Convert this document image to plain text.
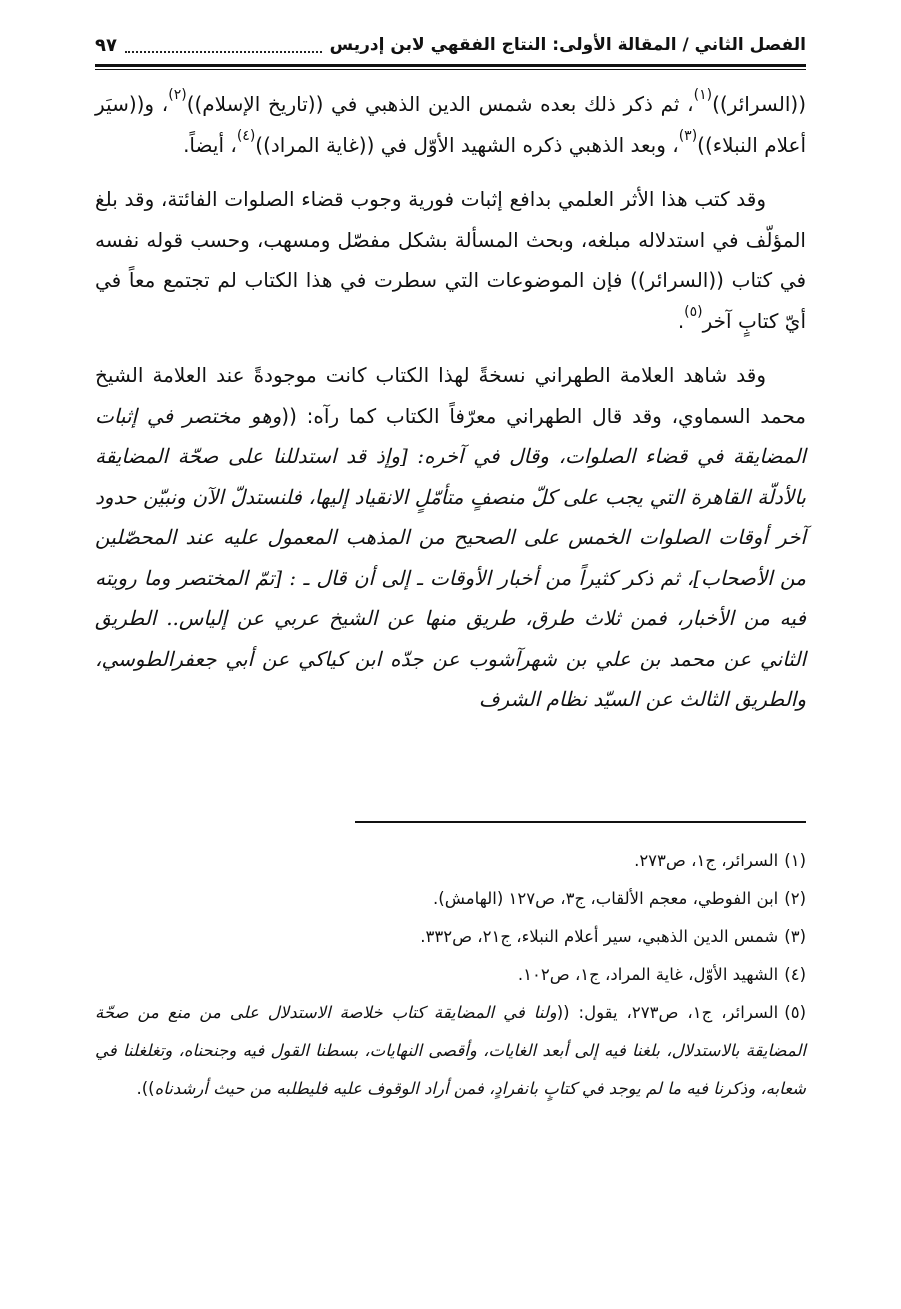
الفصل الثاني / المقالة الأولى: النتاج الفقهي لابن إدريس
٩٧

((السرائر))$^{(١)}$، ثم ذكر ذلك بعده شمس الدين الذهبي في ((تاريخ الإسلام))$^{(٢)}$، و((سيَر أعلام النبلاء))$^{(٣)}$، وبعد الذهبي ذكره الشهيد الأوّل في ((غاية المراد))$^{(٤)}$، أيضاً.

وقد كتب هذا الأثر العلمي بدافع إثبات فورية وجوب قضاء الصلوات الفائتة، وقد بلغ المؤلّف في استدلاله مبلغه، وبحث المسألة بشكل مفصّل ومسهب، وحسب قوله نفسه في كتاب ((السرائر)) فإن الموضوعات التي سطرت في هذا الكتاب لم تجتمع معاً في أيّ كتابٍ آخر$^{(٥)}$.

وقد شاهد العلامة الطهراني نسخةً لهذا الكتاب كانت موجودةً عند العلامة الشيخ محمد السماوي، وقد قال الطهراني معرّفاً الكتاب كما رآه: ((وهو مختصر في إثبات المضايقة في قضاء الصلوات، وقال في آخره: [وإذ قد استدللنا على صحّة المضايقة بالأدلّة القاهرة التي يجب على كلّ منصفٍ متأمّلٍ الانقياد إليها، فلنستدلّ الآن ونبيّن حدود آخر أوقات الصلوات الخمس على الصحيح من المذهب المعمول عليه عند المحصّلين من الأصحاب]، ثم ذكر كثيراً من أخبار الأوقات ـ إلى أن قال ـ : [تمّ المختصر وما رويته فيه من الأخبار، فمن ثلاث طرق، طريق منها عن الشيخ عربي عن إلياس.. الطريق الثاني عن محمد بن علي بن شهرآشوب عن جدّه ابن كياكي عن أبي جعفرالطوسي، والطريق الثالث عن السيّد نظام الشرف

(١)السرائر، ج١، ص٢٧٣.

(٢)ابن الفوطي، معجم الألقاب، ج٣، ص١٢٧ (الهامش).

(٣)شمس الدين الذهبي، سير أعلام النبلاء، ج٢١، ص٣٣٢.

(٤)الشهيد الأوّل، غاية المراد، ج١، ص١٠٢.

(٥)السرائر، ج١، ص٢٧٣، يقول: ((ولنا في المضايقة كتاب خلاصة الاستدلال على من منع من صحّة المضايقة بالاستدلال، بلغنا فيه إلى أبعد الغايات، وأقصى النهايات، بسطنا القول فيه وجنحناه، وتغلغلنا في شعابه، وذكرنا فيه ما لم يوجد في كتابٍ بانفرادٍ، فمن أراد الوقوف عليه فليطلبه من حيث أرشدناه)).
